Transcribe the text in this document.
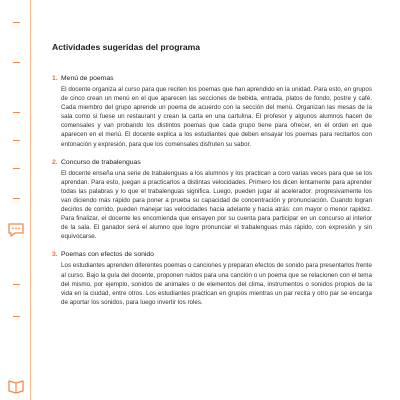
Actividades sugeridas del programa
1. Menú de poemas

El docente organiza al curso para que reciten los poemas que han aprendido en la unidad. Para esto, en grupos de cinco crean un menú en el que aparecen las secciones de bebida, entrada, platos de fondo, postre y café. Cada miembro del grupo aprende un poema de acuerdo con la sección del menú. Organizan las mesas de la sala como si fuese un restaurant y crean la carta en una cartulina. El profesor y algunos alumnos hacen de comensales y van probando los distintos poemas que cada grupo tiene para ofrecer, en el orden en que aparecen en el menú. El docente explica a los estudiantes que deben ensayar los poemas para recitarlos con entonación y expresión, para que los comensales disfruten su sabor.

2. Concurso de trabalenguas

El docente enseña una serie de trabalenguas a los alumnos y los practican a coro varias veces para que se los aprendan. Para esto, juegan a practicarlos a distintas velocidades. Primero los dicen lentamente para aprender todas las palabras y lo que el trabalenguas significa. Luego, pueden jugar al acelerador: progresivamente los van diciendo más rápido para poner a prueba su capacidad de concentración y pronunciación. Cuando logran decirlos de corrido, pueden manejar las velocidades hacia adelante y hacia atrás: con mayor o menor rapidez. Para finalizar, el docente les encomienda que ensayen por su cuenta para participar en un concurso al interior de la sala. El ganador será el alumno que logre pronunciar el trabalenguas más rápido, con expresión y sin equivocarse.

3. Poemas con efectos de sonido

Los estudiantes aprenden diferentes poemas o canciones y preparan efectos de sonido para presentarlos frente al curso. Bajo la guía del docente, proponen ruidos para una canción o un poema que se relacionen con el tema del mismo, por ejemplo, sonidos de animales o de elementos del clima, instrumentos o sonidos propios de la vida en la ciudad, entre otros. Los estudiantes practican en grupos mientras un par recita y otro par se encarga de aportar los sonidos, para luego invertir los roles.
